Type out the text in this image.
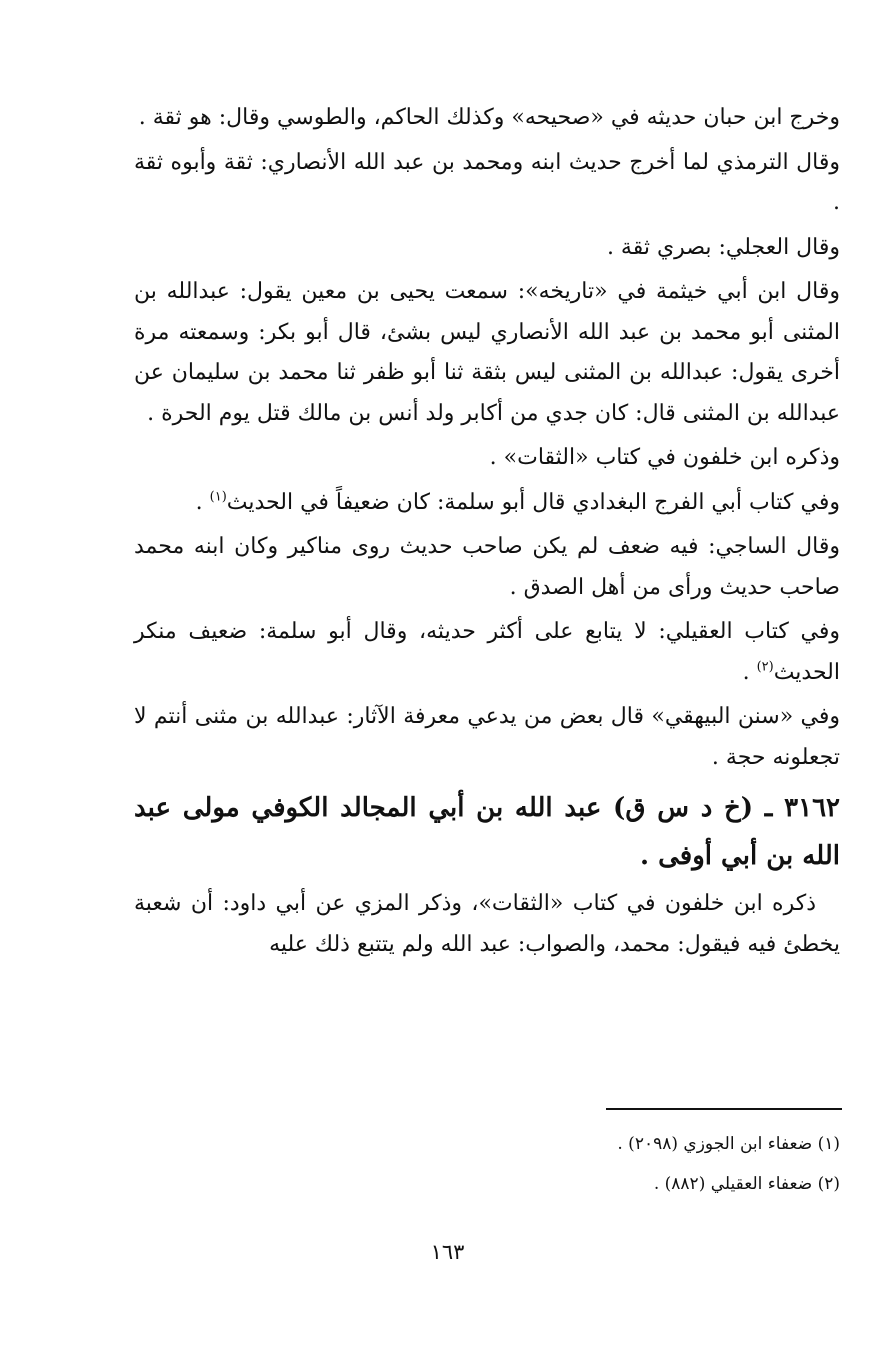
وخرج ابن حبان حديثه في «صحيحه» وكذلك الحاكم، والطوسي وقال: هو ثقة .

وقال الترمذي لما أخرج حديث ابنه ومحمد بن عبد الله الأنصاري: ثقة وأبوه ثقة .

وقال العجلي: بصري ثقة .

وقال ابن أبي خيثمة في «تاريخه»: سمعت يحيى بن معين يقول: عبدالله بن المثنى أبو محمد بن عبد الله الأنصاري ليس بشئ، قال أبو بكر: وسمعته مرة أخرى يقول: عبدالله بن المثنى ليس بثقة ثنا أبو ظفر ثنا محمد بن سليمان عن عبدالله بن المثنى قال: كان جدي من أكابر ولد أنس بن مالك قتل يوم الحرة .

وذكره ابن خلفون في كتاب «الثقات» .

وفي كتاب أبي الفرج البغدادي قال أبو سلمة: كان ضعيفاً في الحديث$^{(١)}$ .

وقال الساجي: فيه ضعف لم يكن صاحب حديث روى مناكير وكان ابنه محمد صاحب حديث ورأى من أهل الصدق .

وفي كتاب العقيلي: لا يتابع على أكثر حديثه، وقال أبو سلمة: ضعيف منكر الحديث$^{(٢)}$ .

وفي «سنن البيهقي» قال بعض من يدعي معرفة الآثار: عبدالله بن مثنى أنتم لا تجعلونه حجة .

٣١٦٢ ـ (خ د س ق) عبد الله بن أبي المجالد الكوفي مولى عبد الله بن أبي أوفى .

ذكره ابن خلفون في كتاب «الثقات»، وذكر المزي عن أبي داود: أن شعبة يخطئ فيه فيقول: محمد، والصواب: عبد الله ولم يتتبع ذلك عليه

(١) ضعفاء ابن الجوزي (٢٠٩٨) .

(٢) ضعفاء العقيلي (٨٨٢) .

١٦٣
